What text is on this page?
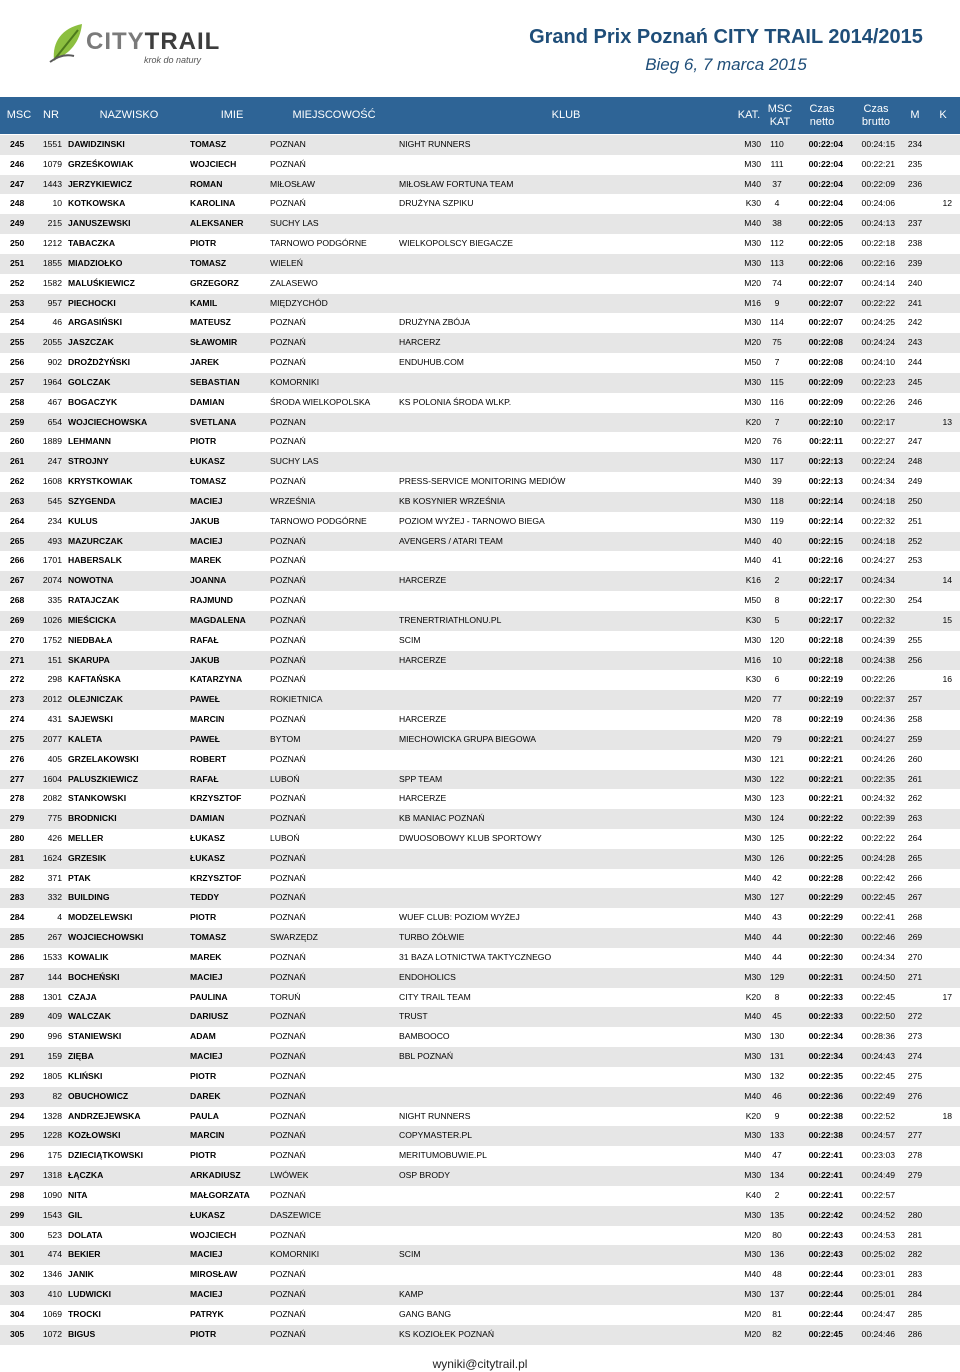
CITYTRAIL
krok do natury
Grand Prix Poznań CITY TRAIL 2014/2015
Bieg 6, 7 marca 2015
MSC	NR	NAZWISKO	IMIE	MIEJSCOWOŚĆ	KLUB	KAT.
MSC KAT
Czas netto
Czas brutto
M	K
245	1551 DAWIDZINSKI	TOMASZ	POZNAN	NIGHT RUNNERS	M30	110	00:22:04	00:24:15	234
246	1079 GRZEŚKOWIAK	WOJCIECH	POZNAŃ	M30	111	00:22:04	00:22:21	235
247	1443 JERZYKIEWICZ	ROMAN	MIŁOSŁAW	MIŁOSŁAW FORTUNA TEAM	M40	37	00:22:04	00:22:09	236
248	10 KOTKOWSKA	KAROLINA	POZNAŃ	DRUŻYNA SZPIKU	K30	4	00:22:04	00:24:06	12
249	215 JANUSZEWSKI	ALEKSANER	SUCHY LAS	M40	38	00:22:05	00:24:13	237
250	1212 TABACZKA	PIOTR	TARNOWO PODGÓRNE	WIELKOPOLSCY BIEGACZE	M30	112	00:22:05	00:22:18	238
251	1855 MIADZIOŁKO	TOMASZ	WIELEŃ	M30	113	00:22:06	00:22:16	239
252	1582 MALUŚKIEWICZ	GRZEGORZ	ZALASEWO	M20	74	00:22:07	00:24:14	240
253	957 PIECHOCKI	KAMIL	MIĘDZYCHÓD	M16	9	00:22:07	00:22:22	241
254	46 ARGASIŃSKI	MATEUSZ	POZNAŃ	DRUŻYNA ZBÓJA	M30	114	00:22:07	00:24:25	242
255	2055 JASZCZAK	SŁAWOMIR	POZNAŃ	HARCERZ	M20	75	00:22:08	00:24:24	243
256	902 DROŻDŻYŃSKI	JAREK	POZNAŃ	ENDUHUB.COM	M50	7	00:22:08	00:24:10	244
257	1964 GOLCZAK	SEBASTIAN	KOMORNIKI	M30	115	00:22:09	00:22:23	245
258	467 BOGACZYK	DAMIAN	ŚRODA WIELKOPOLSKA	KS POLONIA ŚRODA WLKP.	M30	116	00:22:09	00:22:26	246
259	654 WOJCIECHOWSKA	SVETLANA	POZNAN	K20	7	00:22:10	00:22:17	13
260	1889 LEHMANN	PIOTR	POZNAŃ	M20	76	00:22:11	00:22:27	247
261	247 STROJNY	ŁUKASZ	SUCHY LAS	M30	117	00:22:13	00:22:24	248
262	1608 KRYSTKOWIAK	TOMASZ	POZNAŃ	PRESS-SERVICE MONITORING MEDIÓW	M40	39	00:22:13	00:24:34	249
263	545 SZYGENDA	MACIEJ	WRZEŚNIA	KB KOSYNIER WRZEŚNIA	M30	118	00:22:14	00:24:18	250
264	234 KULUS	JAKUB	TARNOWO PODGÓRNE	POZIOM WYŻEJ - TARNOWO BIEGA	M30	119	00:22:14	00:22:32	251
265	493 MAZURCZAK	MACIEJ	POZNAŃ	AVENGERS / ATARI TEAM	M40	40	00:22:15	00:24:18	252
266	1701 HABERSALK	MAREK	POZNAŃ	M40	41	00:22:16	00:24:27	253
267	2074 NOWOTNA	JOANNA	POZNAŃ	HARCERZE	K16	2	00:22:17	00:24:34	14
268	335 RATAJCZAK	RAJMUND	POZNAŃ	M50	8	00:22:17	00:22:30	254
269	1026 MIEŚCICKA	MAGDALENA	POZNAŃ	TRENERTRIATHLONU.PL	K30	5	00:22:17	00:22:32	15
270	1752 NIEDBAŁA	RAFAŁ	POZNAŃ	SCIM	M30	120	00:22:18	00:24:39	255
271	151 SKARUPA	JAKUB	POZNAŃ	HARCERZE	M16	10	00:22:18	00:24:38	256
272	298 KAFTAŃSKA	KATARZYNA	POZNAŃ	K30	6	00:22:19	00:22:26	16
273	2012 OLEJNICZAK	PAWEŁ	ROKIETNICA	M20	77	00:22:19	00:22:37	257
274	431 SAJEWSKI	MARCIN	POZNAŃ	HARCERZE	M20	78	00:22:19	00:24:36	258
275	2077 KALETA	PAWEŁ	BYTOM	MIECHOWICKA GRUPA BIEGOWA	M20	79	00:22:21	00:24:27	259
276	405 GRZELAKOWSKI	ROBERT	POZNAŃ	M30	121	00:22:21	00:24:26	260
277	1604 PALUSZKIEWICZ	RAFAŁ	LUBOŃ	SPP TEAM	M30	122	00:22:21	00:22:35	261
278	2082 STANKOWSKI	KRZYSZTOF	POZNAŃ	HARCERZE	M30	123	00:22:21	00:24:32	262
279	775 BRODNICKI	DAMIAN	POZNAŃ	KB MANIAC POZNAŃ	M30	124	00:22:22	00:22:39	263
280	426 MELLER	ŁUKASZ	LUBOŃ	DWUOSOBOWY KLUB SPORTOWY	M30	125	00:22:22	00:22:22	264
281	1624 GRZESIK	ŁUKASZ	POZNAŃ	M30	126	00:22:25	00:24:28	265
282	371 PTAK	KRZYSZTOF	POZNAŃ	M40	42	00:22:28	00:22:42	266
283	332 BUILDING	TEDDY	POZNAŃ	M30	127	00:22:29	00:22:45	267
284	4 MODZELEWSKI	PIOTR	POZNAŃ	WUEF CLUB: POZIOM WYŻEJ	M40	43	00:22:29	00:22:41	268
285	267 WOJCIECHOWSKI	TOMASZ	SWARZĘDZ	TURBO ŻÓŁWIE	M40	44	00:22:30	00:22:46	269
286	1533 KOWALIK	MAREK	POZNAŃ	31 BAZA LOTNICTWA TAKTYCZNEGO	M40	44	00:22:30	00:24:34	270
287	144 BOCHEŃSKI	MACIEJ	POZNAŃ	ENDOHOLICS	M30	129	00:22:31	00:24:50	271
288	1301 CZAJA	PAULINA	TORUŃ	CITY TRAIL TEAM	K20	8	00:22:33	00:22:45	17
289	409 WALCZAK	DARIUSZ	POZNAŃ	TRUST	M40	45	00:22:33	00:22:50	272
290	996 STANIEWSKI	ADAM	POZNAŃ	BAMBOOCO	M30	130	00:22:34	00:28:36	273
291	159 ZIĘBA	MACIEJ	POZNAŃ	BBL POZNAŃ	M30	131	00:22:34	00:24:43	274
292	1805 KLIŃSKI	PIOTR	POZNAŃ	M30	132	00:22:35	00:22:45	275
293	82 OBUCHOWICZ	DAREK	POZNAŃ	M40	46	00:22:36	00:22:49	276
294	1328 ANDRZEJEWSKA	PAULA	POZNAŃ	NIGHT RUNNERS	K20	9	00:22:38	00:22:52	18
295	1228 KOZŁOWSKI	MARCIN	POZNAŃ	COPYMASTER.PL	M30	133	00:22:38	00:24:57	277
296	175 DZIECIĄTKOWSKI	PIOTR	POZNAŃ	MERITUMOBUWIE.PL	M40	47	00:22:41	00:23:03	278
297	1318 ŁĄCZKA	ARKADIUSZ	LWÓWEK	OSP BRODY	M30	134	00:22:41	00:24:49	279
298	1090 NITA	MAŁGORZATA	POZNAŃ	K40	2	00:22:41	00:22:57
299	1543 GIL	ŁUKASZ	DASZEWICE	M30	135	00:22:42	00:24:52	280
300	523 DOLATA	WOJCIECH	POZNAŃ	M20	80	00:22:43	00:24:53	281
301	474 BEKIER	MACIEJ	KOMORNIKI	SCIM	M30	136	00:22:43	00:25:02	282
302	1346 JANIK	MIROSŁAW	POZNAŃ	M40	48	00:22:44	00:23:01	283
303	410 LUDWICKI	MACIEJ	POZNAŃ	KAMP	M30	137	00:22:44	00:25:01	284
304	1069 TROCKI	PATRYK	POZNAŃ	GANG BANG	M20	81	00:22:44	00:24:47	285
305	1072 BIGUS	PIOTR	POZNAŃ	KS KOZIOŁEK POZNAŃ	M20	82	00:22:45	00:24:46	286
wyniki@citytrail.pl
